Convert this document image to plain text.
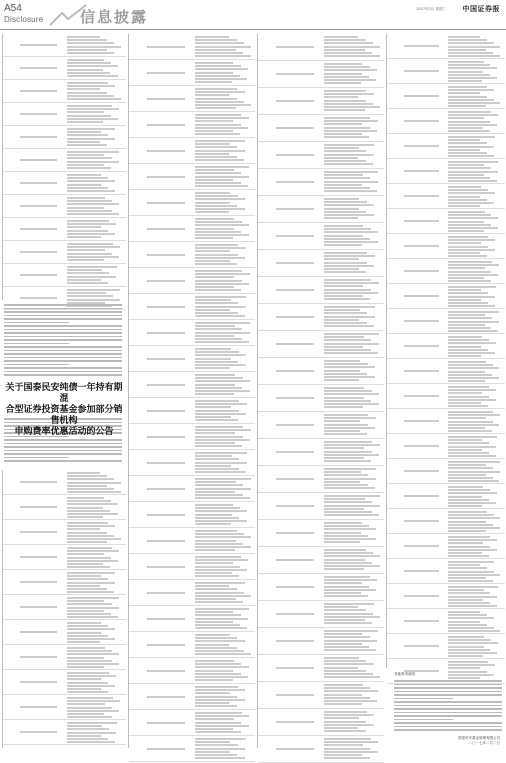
A54
Disclosure 信息披露	2017年2月 星期三 中国证券报
关于国泰民安纯债一年持有期混
合型证券投资基金参加部分销售机构
申购费率优惠活动的公告
其他事项说明
国泰民安基金管理有限公司
二〇一七年二月二日
